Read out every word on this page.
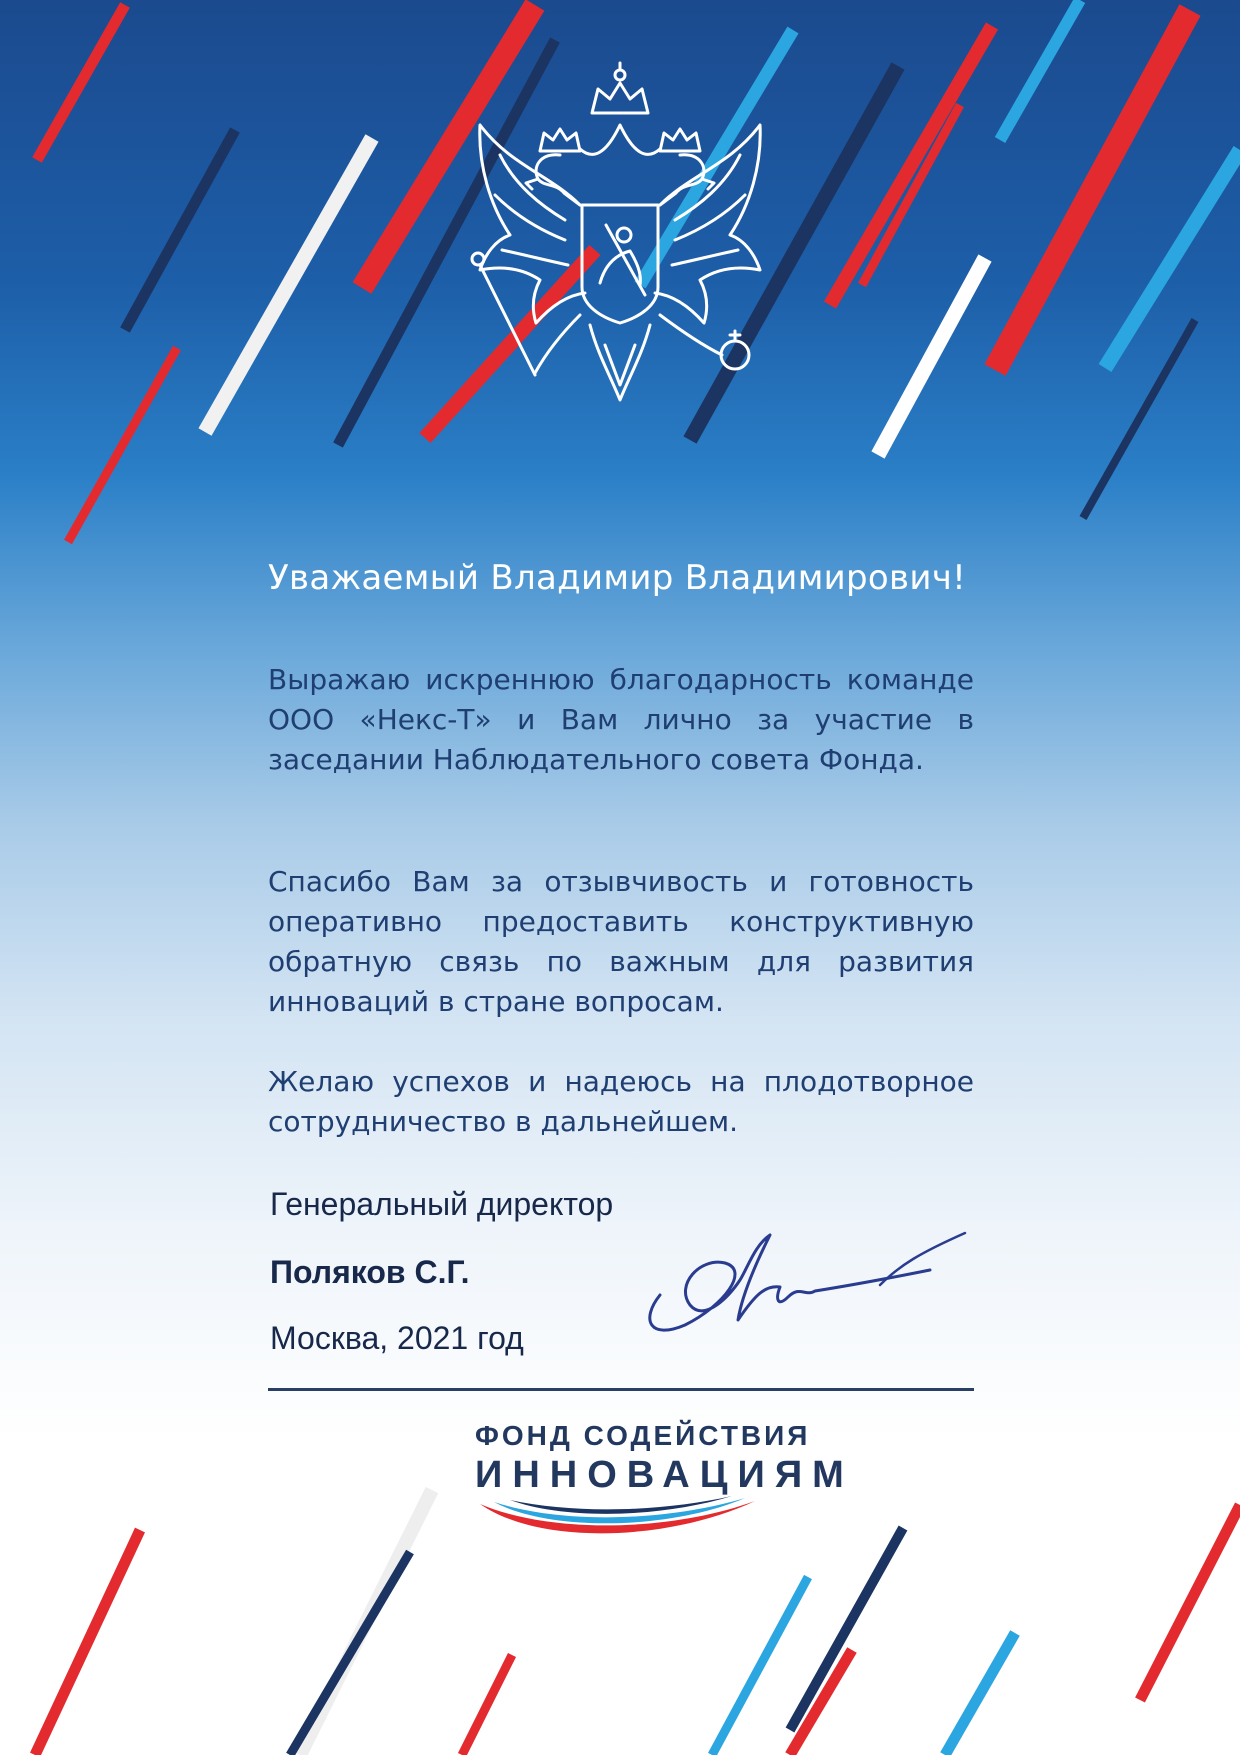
Уважаемый Владимир Владимирович!

Выражаю искреннюю благодарность команде ООО «Некс-Т» и Вам лично за участие в заседании Наблюдательного совета Фонда.

Спасибо Вам за отзывчивость и готовность оперативно предоставить конструктивную обратную связь по важным для развития инноваций в стране вопросам.

Желаю успехов и надеюсь на плодотворное сотрудничество в дальнейшем.

Генеральный директор

Поляков С.Г.

Москва, 2021 год

ФОНД СОДЕЙСТВИЯ

ИННОВАЦИЯМ
